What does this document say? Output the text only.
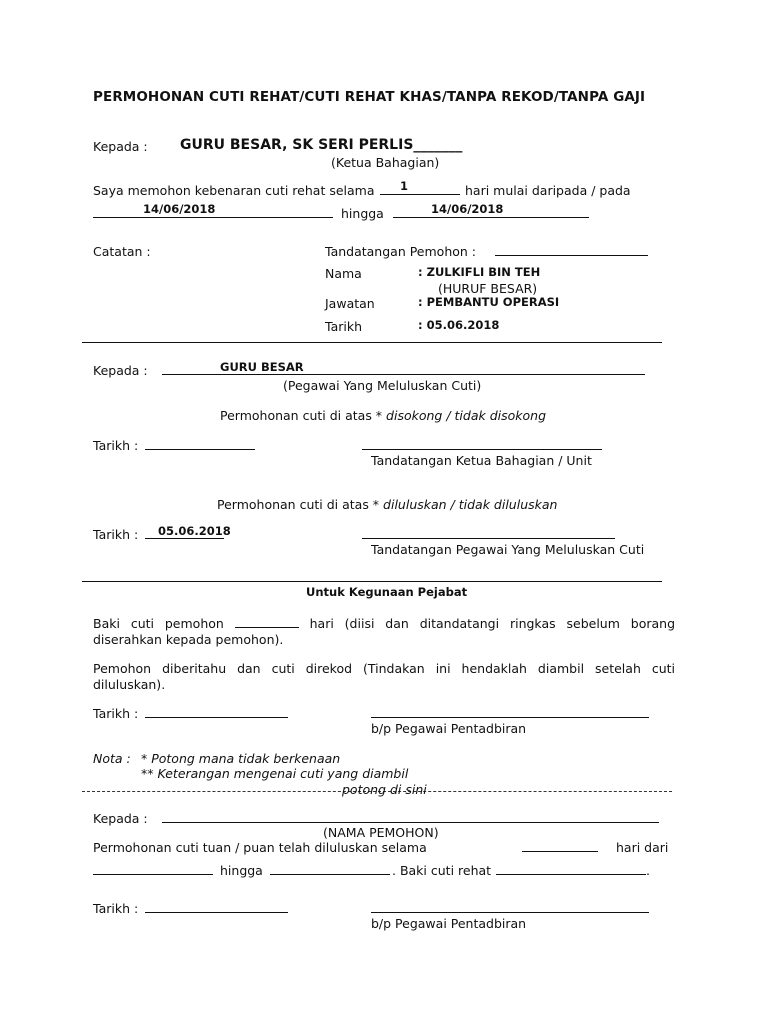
PERMOHONAN CUTI REHAT/CUTI REHAT KHAS/TANPA REKOD/TANPA GAJI
Kepada : GURU BESAR, SK SERI PERLIS_______
(Ketua Bahagian)
Saya memohon kebenaran cuti rehat selama 1	hari mulai daripada / pada
14/06/2018	hingga	14/06/2018
Catatan :	Tandatangan Pemohon :
Nama	: ZULKIFLI BIN TEH
(HURUF BESAR)
Jawatan	: PEMBANTU OPERASI
Tarikh	: 05.06.2018
Kepada :	GURU BESAR
(Pegawai Yang Meluluskan Cuti)
Permohonan cuti di atas * disokong / tidak disokong
Tarikh :
Tandatangan Ketua Bahagian / Unit
Permohonan cuti di atas * diluluskan / tidak diluluskan
Tarikh : 05.06.2018
Tandatangan Pegawai Yang Meluluskan Cuti
Untuk Kegunaan Pejabat
Baki cuti pemohon	hari (diisi dan ditandatangi ringkas sebelum borang diserahkan kepada pemohon).
Pemohon diberitahu dan cuti direkod (Tindakan ini hendaklah diambil setelah cuti diluluskan).
Tarikh :
b/p Pegawai Pentadbiran
Nota : * Potong mana tidak berkenaan
** Keterangan mengenai cuti yang diambil
potong di sini
Kepada :
(NAMA PEMOHON)
Permohonan cuti tuan / puan telah diluluskan selama	hari dari
hingga	. Baki cuti rehat	.
Tarikh :
b/p Pegawai Pentadbiran
